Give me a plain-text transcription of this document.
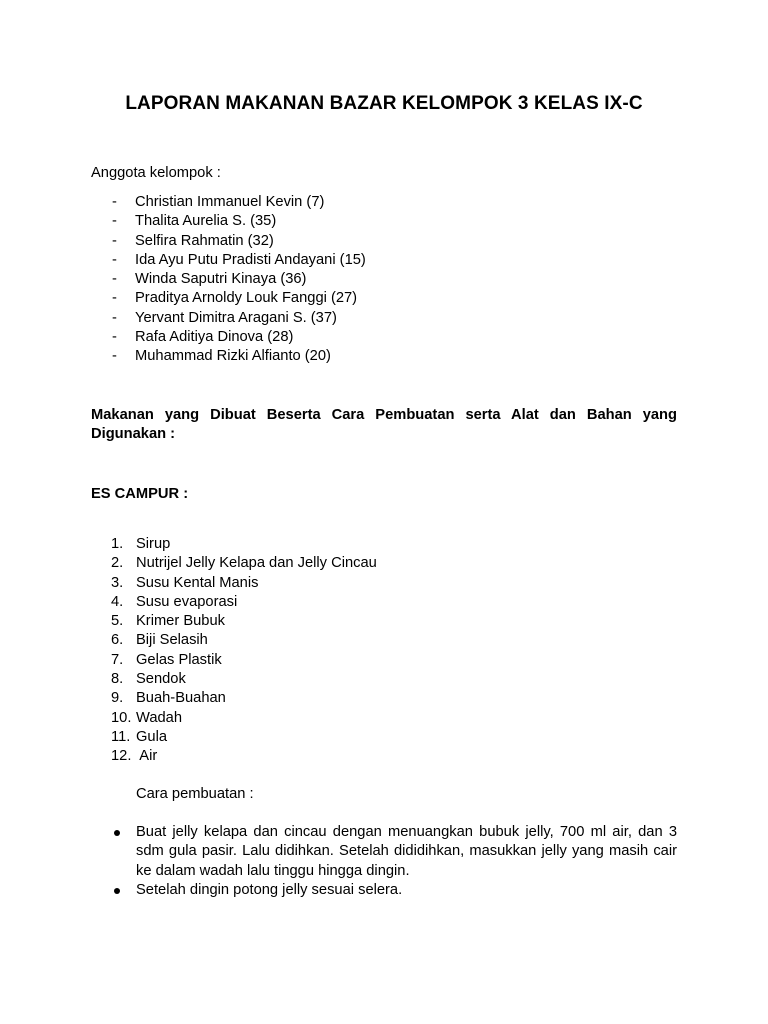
LAPORAN MAKANAN BAZAR KELOMPOK 3 KELAS IX-C
Anggota kelompok :
- Christian Immanuel Kevin (7)
- Thalita Aurelia S. (35)
- Selfira Rahmatin (32)
- Ida Ayu Putu Pradisti Andayani (15)
- Winda Saputri Kinaya (36)
- Praditya Arnoldy Louk Fanggi (27)
- Yervant Dimitra Aragani S. (37)
- Rafa Aditiya Dinova (28)
- Muhammad Rizki Alfianto (20)
Makanan yang Dibuat Beserta Cara Pembuatan serta Alat dan Bahan yang
Digunakan :
ES CAMPUR :
1. Sirup
2. Nutrijel Jelly Kelapa dan Jelly Cincau
3. Susu Kental Manis
4. Susu evaporasi
5. Krimer Bubuk
6. Biji Selasih
7. Gelas Plastik
8. Sendok
9. Buah-Buahan
10. Wadah
11. Gula
12. Air
Cara pembuatan :
Buat jelly kelapa dan cincau dengan menuangkan bubuk jelly, 700 ml air, dan 3 sdm gula pasir. Lalu didihkan. Setelah dididihkan, masukkan jelly yang masih cair ke dalam wadah lalu tinggu hingga dingin.
Setelah dingin potong jelly sesuai selera.
